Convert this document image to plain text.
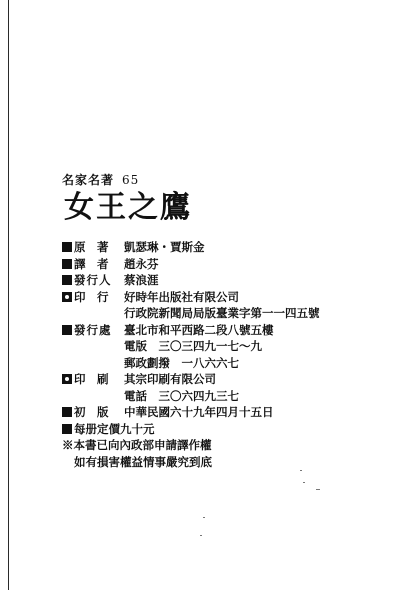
名家名著 65
女王之鷹
原　著	凱瑟琳・賈斯金
譯　者	趙永芬
發行人	蔡浪涯
印　行	好時年出版社有限公司
行政院新聞局局版臺業字第一一四五號
發行處	臺北市和平西路二段八號五樓
電版　三〇三四九一七～九
郵政劃撥　一八六六七
印　刷	其宗印刷有限公司
電話　三〇六四九三七
初　版	中華民國六十九年四月十五日
每册定價九十元
※本書已向內政部申請譯作權
如有損害權益情事嚴究到底
